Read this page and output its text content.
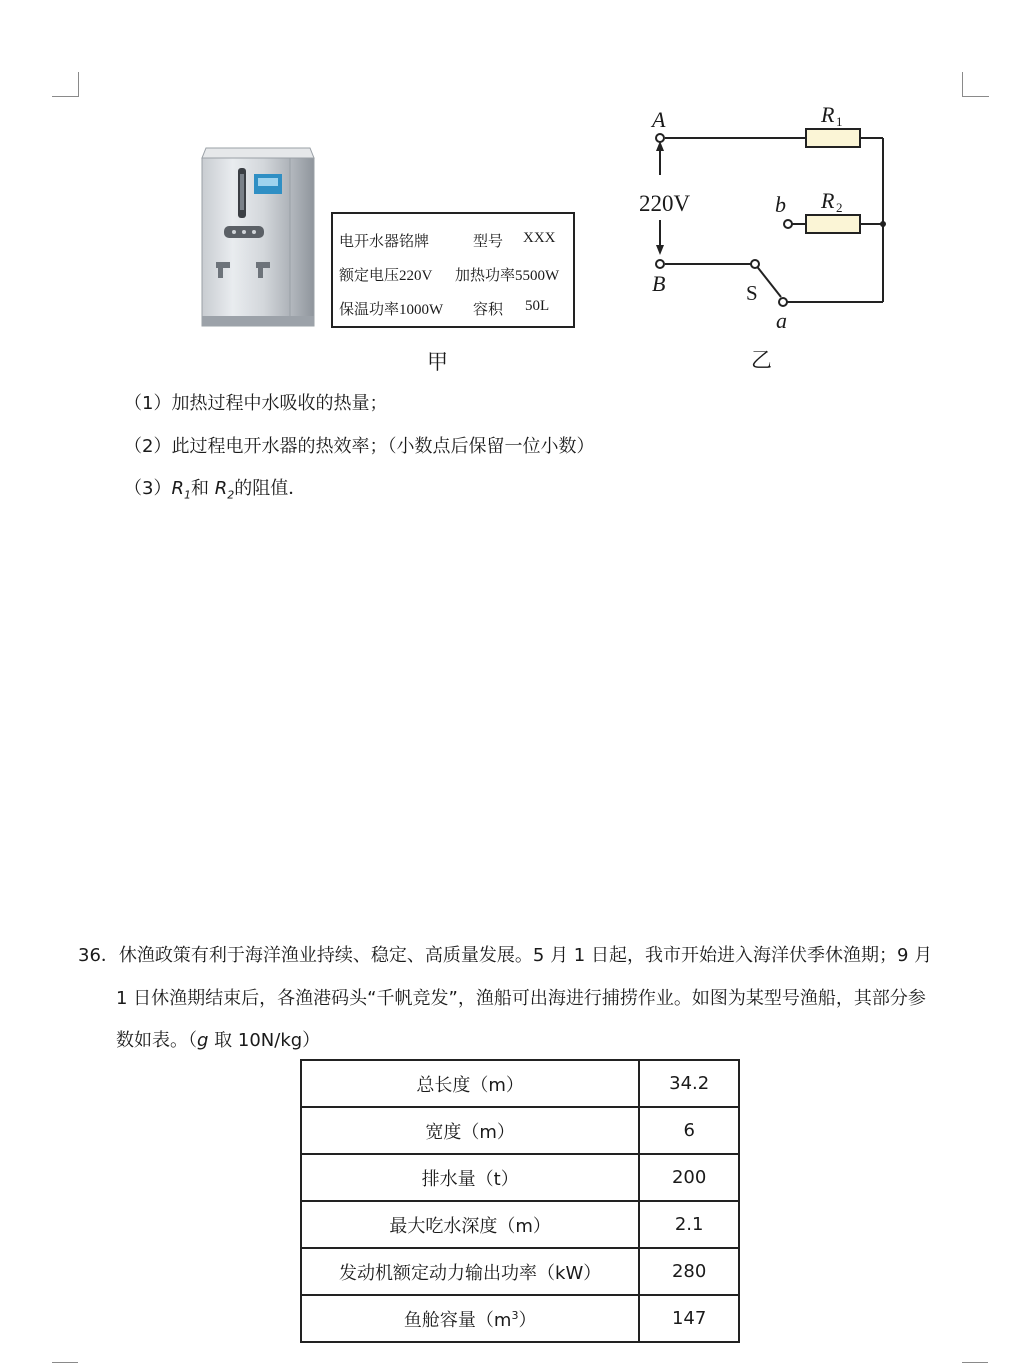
电开水器铭牌	型号 XXX
额定电压220V 加热功率5500W
保温功率1000W 容积 50L
甲
A
B
220V
R 1
R 2
b
S
a
乙
（1）加热过程中水吸收的热量；
（2）此过程电开水器的热效率；（小数点后保留一位小数）
$(3)R_1$和 $R_2$的阻值．
36．休渔政策有利于海洋渔业持续、稳定、高质量发展。5 月 1 日起，我市开始进入海洋伏季休渔期；9 月
1 日休渔期结束后，各渔港码头“千帆竞发”，渔船可出海进行捕捞作业。如图为某型号渔船，其部分参
数如表。（g 取 10N/kg）
总长度（m）	34.2
宽度（m）	6
排水量（t）	200
最大吃水深度（m）	2.1
发动机额定动力输出功率（kW）	280
鱼舱容量$(m^3)$	147
